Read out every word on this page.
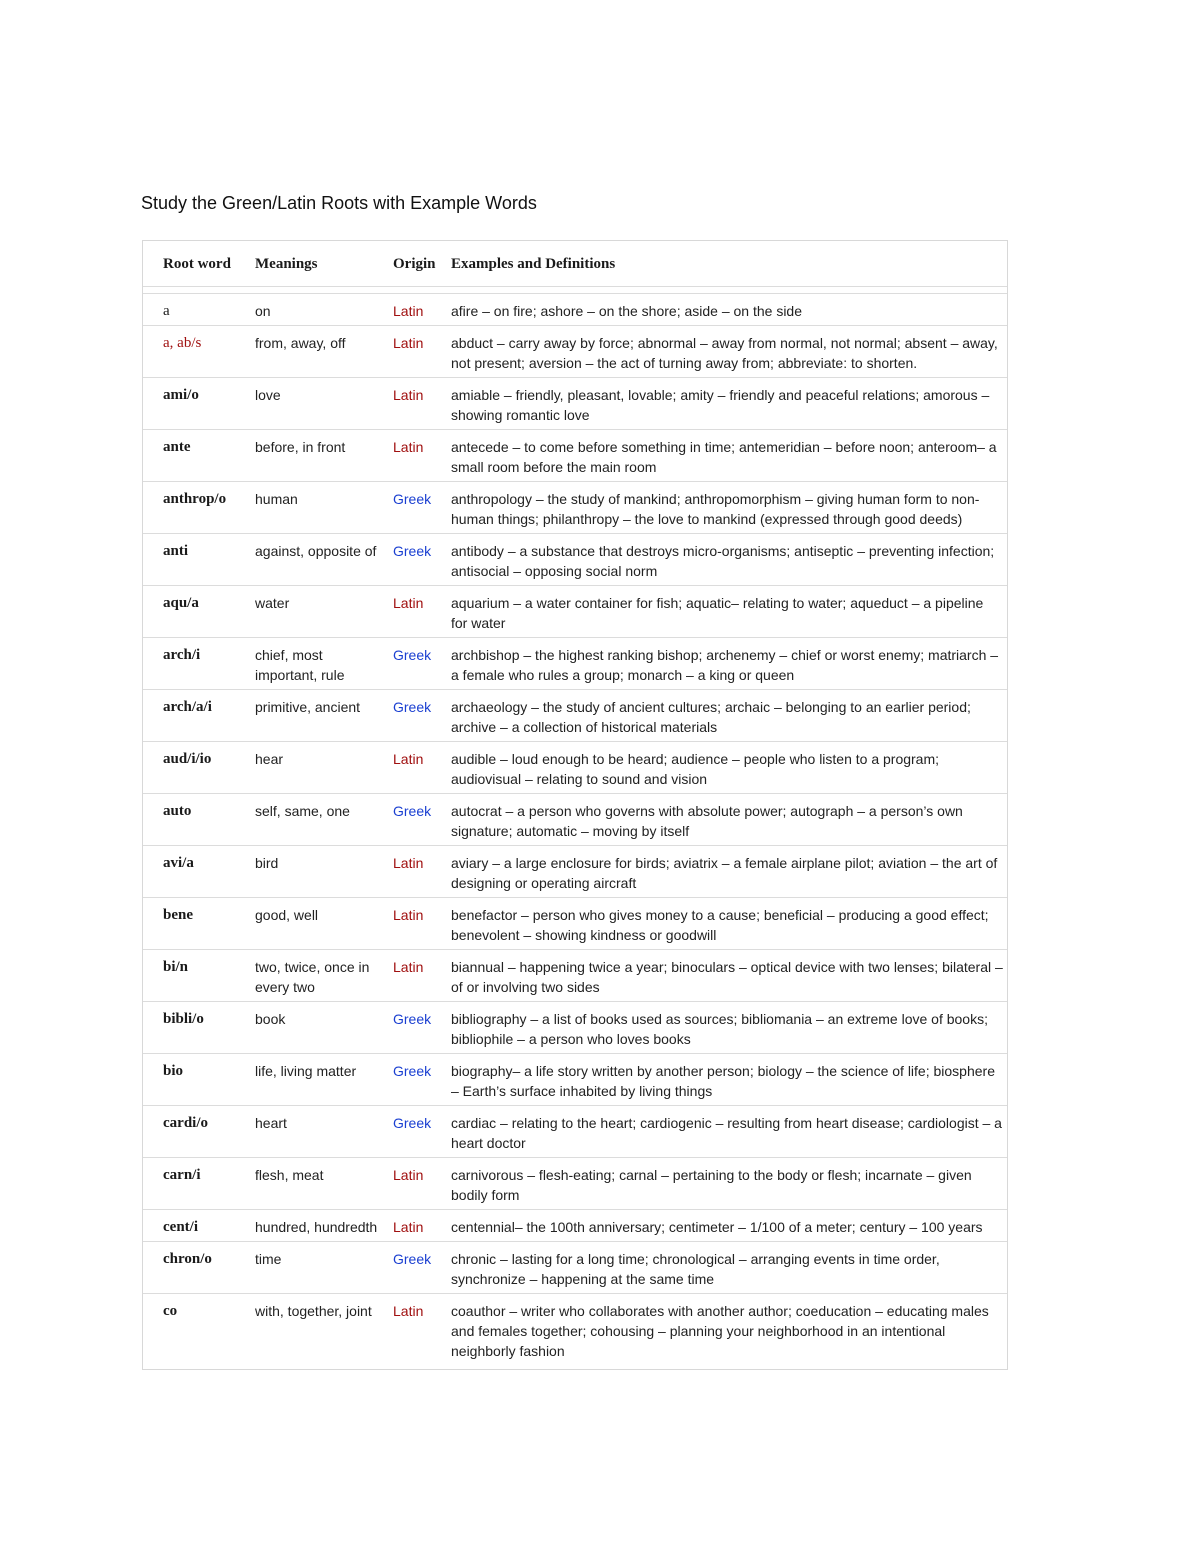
Study the Green/Latin Roots with Example Words
Root word	Meanings	Origin	Examples and Definitions

a	on	Latin	afire – on fire; ashore – on the shore; aside – on the side
a, ab/s	from, away, off	Latin	abduct – carry away by force; abnormal – away from normal, not normal; absent – away, not present; aversion – the act of turning away from; abbreviate: to shorten.
ami/o	love	Latin	amiable – friendly, pleasant, lovable; amity – friendly and peaceful relations; amorous – showing romantic love
ante	before, in front	Latin	antecede – to come before something in time; antemeridian – before noon; anteroom– a small room before the main room
anthrop/o	human	Greek	anthropology – the study of mankind; anthropomorphism – giving human form to non-human things; philanthropy – the love to mankind (expressed through good deeds)
anti	against, opposite of	Greek	antibody – a substance that destroys micro-organisms; antiseptic – preventing infection; antisocial – opposing social norm
aqu/a	water	Latin	aquarium – a water container for fish; aquatic– relating to water; aqueduct – a pipeline for water
arch/i	chief, most important, rule	Greek	archbishop – the highest ranking bishop; archenemy – chief or worst enemy; matriarch – a female who rules a group; monarch – a king or queen
arch/a/i	primitive, ancient	Greek	archaeology – the study of ancient cultures; archaic – belonging to an earlier period; archive – a collection of historical materials
aud/i/io	hear	Latin	audible – loud enough to be heard; audience – people who listen to a program; audiovisual – relating to sound and vision
auto	self, same, one	Greek	autocrat – a person who governs with absolute power; autograph – a person’s own signature; automatic – moving by itself
avi/a	bird	Latin	aviary – a large enclosure for birds; aviatrix – a female airplane pilot; aviation – the art of designing or operating aircraft
bene	good, well	Latin	benefactor – person who gives money to a cause; beneficial – producing a good effect; benevolent – showing kindness or goodwill
bi/n	two, twice, once in every two	Latin	biannual – happening twice a year; binoculars – optical device with two lenses; bilateral – of or involving two sides
bibli/o	book	Greek	bibliography – a list of books used as sources; bibliomania – an extreme love of books; bibliophile – a person who loves books
bio	life, living matter	Greek	biography– a life story written by another person; biology – the science of life; biosphere – Earth’s surface inhabited by living things
cardi/o	heart	Greek	cardiac – relating to the heart; cardiogenic – resulting from heart disease; cardiologist – a heart doctor
carn/i	flesh, meat	Latin	carnivorous – flesh-eating; carnal – pertaining to the body or flesh; incarnate – given bodily form
cent/i	hundred, hundredth	Latin	centennial– the 100th anniversary; centimeter – 1/100 of a meter; century – 100 years
chron/o	time	Greek	chronic – lasting for a long time; chronological – arranging events in time order, synchronize – happening at the same time
co	with, together, joint	Latin	coauthor – writer who collaborates with another author; coeducation – educating males and females together; cohousing – planning your neighborhood in an intentional neighborly fashion
